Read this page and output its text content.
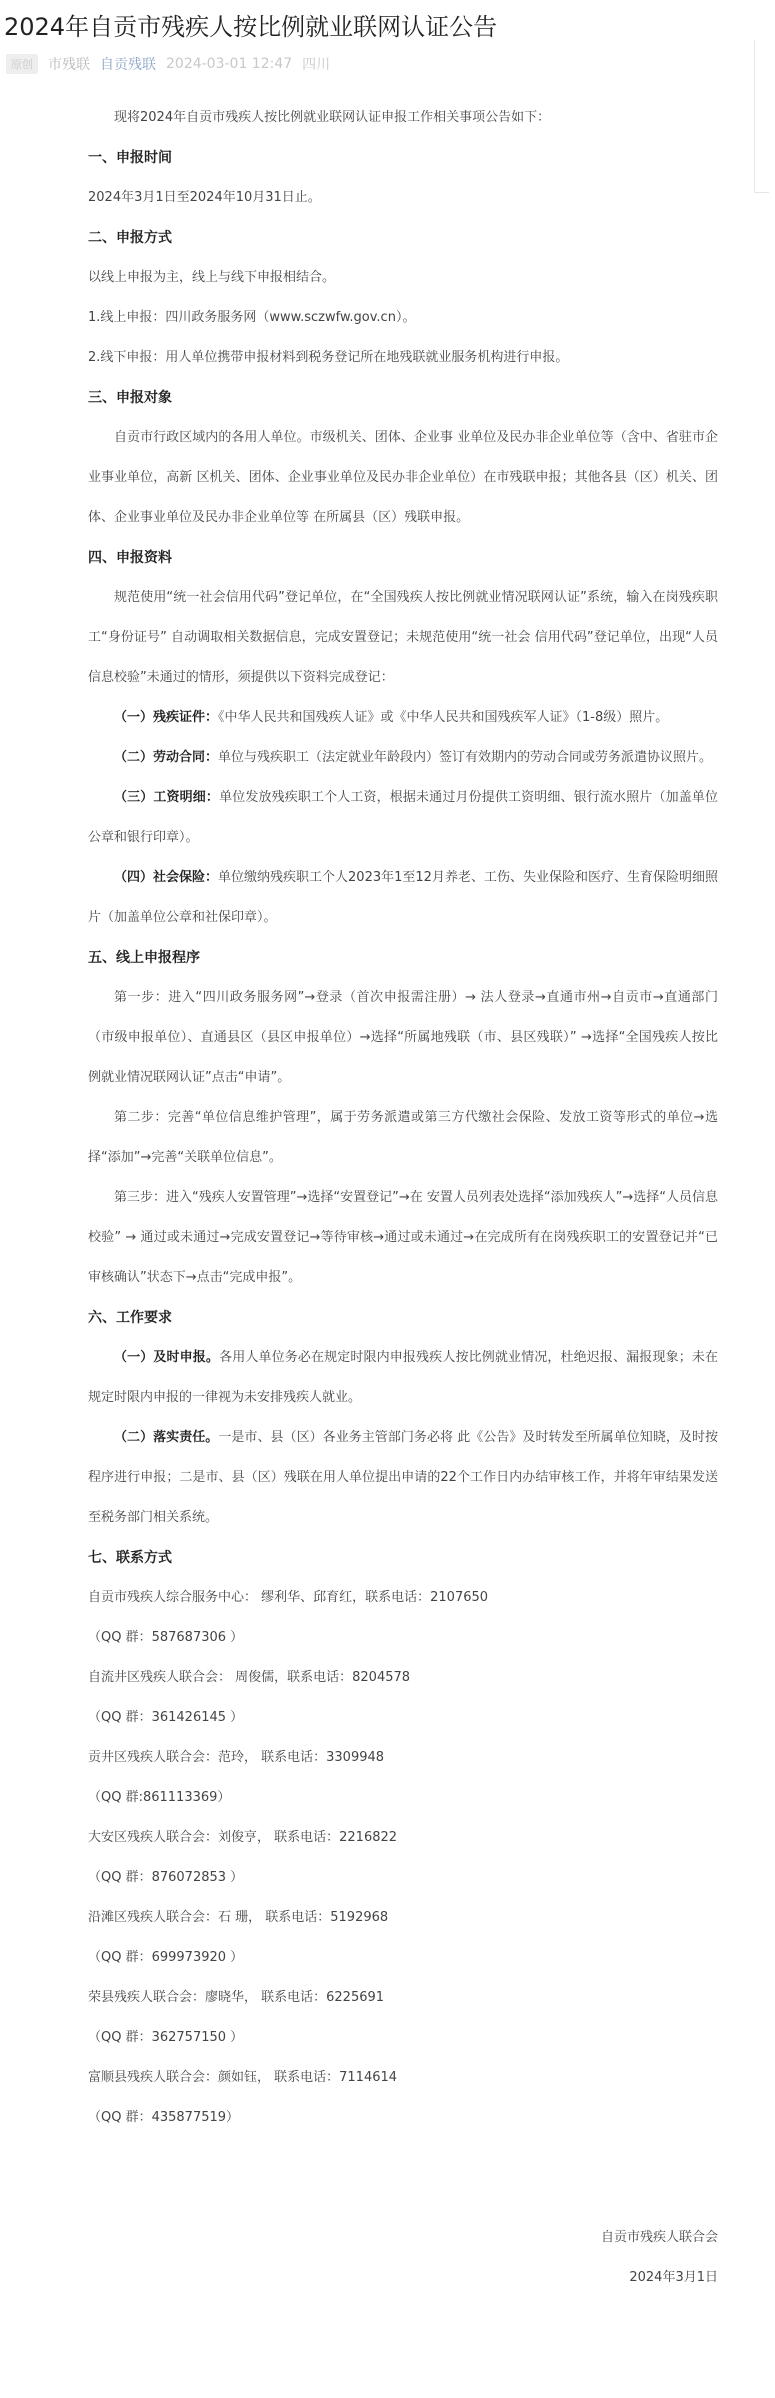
2024年自贡市残疾人按比例就业联网认证公告
原创	市残联 自贡残联 2024-03-01 12:47 四川

现将2024年自贡市残疾人按比例就业联网认证申报工作相关事项公告如下：

一、申报时间

2024年3月1日至2024年10月31日止。

二、申报方式

以线上申报为主，线上与线下申报相结合。

1.线上申报：四川政务服务网（www.sczwfw.gov.cn）。

2.线下申报：用人单位携带申报材料到税务登记所在地残联就业服务机构进行申报。

三、申报对象

自贡市行政区域内的各用人单位。市级机关、团体、企业事 业单位及民办非企业单位等（含中、省驻市企业事业单位，高新 区机关、团体、企业事业单位及民办非企业单位）在市残联申报；其他各县（区）机关、团体、企业事业单位及民办非企业单位等 在所属县（区）残联申报。

四、申报资料

规范使用“统一社会信用代码”登记单位，在“全国残疾人按比例就业情况联网认证”系统，输入在岗残疾职工“身份证号” 自动调取相关数据信息，完成安置登记；未规范使用“统一社会 信用代码”登记单位，出现“人员信息校验”未通过的情形，须提供以下资料完成登记：

（一）残疾证件：《中华人民共和国残疾人证》或《中华人民共和国残疾军人证》（1-8级）照片。

（二）劳动合同：单位与残疾职工（法定就业年龄段内）签订有效期内的劳动合同或劳务派遣协议照片。

（三）工资明细：单位发放残疾职工个人工资，根据未通过月份提供工资明细、银行流水照片（加盖单位公章和银行印章）。

（四）社会保险：单位缴纳残疾职工个人2023年1至12月养老、工伤、失业保险和医疗、生育保险明细照片（加盖单位公章和社保印章）。

五、线上申报程序

第一步：进入“四川政务服务网”→登录（首次申报需注册）→ 法人登录→直通市州→自贡市→直通部门（市级申报单位）、直通县区（县区申报单位）→选择“所属地残联（市、县区残联）” →选择“全国残疾人按比例就业情况联网认证”点击“申请”。

第二步：完善“单位信息维护管理”，属于劳务派遣或第三方代缴社会保险、发放工资等形式的单位→选择“添加”→完善“关联单位信息”。

第三步：进入“残疾人安置管理”→选择“安置登记”→在 安置人员列表处选择“添加残疾人”→选择“人员信息校验” → 通过或未通过→完成安置登记→等待审核→通过或未通过→在完成所有在岗残疾职工的安置登记并“已审核确认”状态下→点击“完成申报”。

六、工作要求

（一）及时申报。各用人单位务必在规定时限内申报残疾人按比例就业情况，杜绝迟报、漏报现象；未在规定时限内申报的一律视为未安排残疾人就业。

（二）落实责任。一是市、县（区）各业务主管部门务必将 此《公告》及时转发至所属单位知晓，及时按程序进行申报；二是市、县（区）残联在用人单位提出申请的22个工作日内办结审核工作，并将年审结果发送至税务部门相关系统。

七、联系方式

自贡市残疾人综合服务中心： 缪利华、邱育红，联系电话：2107650

（QQ 群：587687306 ）

自流井区残疾人联合会： 周俊儒，联系电话：8204578

（QQ 群：361426145 ）

贡井区残疾人联合会：范玲， 联系电话：3309948

（QQ 群:861113369）

大安区残疾人联合会：刘俊亨， 联系电话：2216822

（QQ 群：876072853 ）

沿滩区残疾人联合会：石 珊， 联系电话：5192968

（QQ 群：699973920 ）

荣县残疾人联合会：廖晓华， 联系电话：6225691

（QQ 群：362757150 ）

富顺县残疾人联合会：颜如钰， 联系电话：7114614

（QQ 群：435877519）

自贡市残疾人联合会

2024年3月1日
